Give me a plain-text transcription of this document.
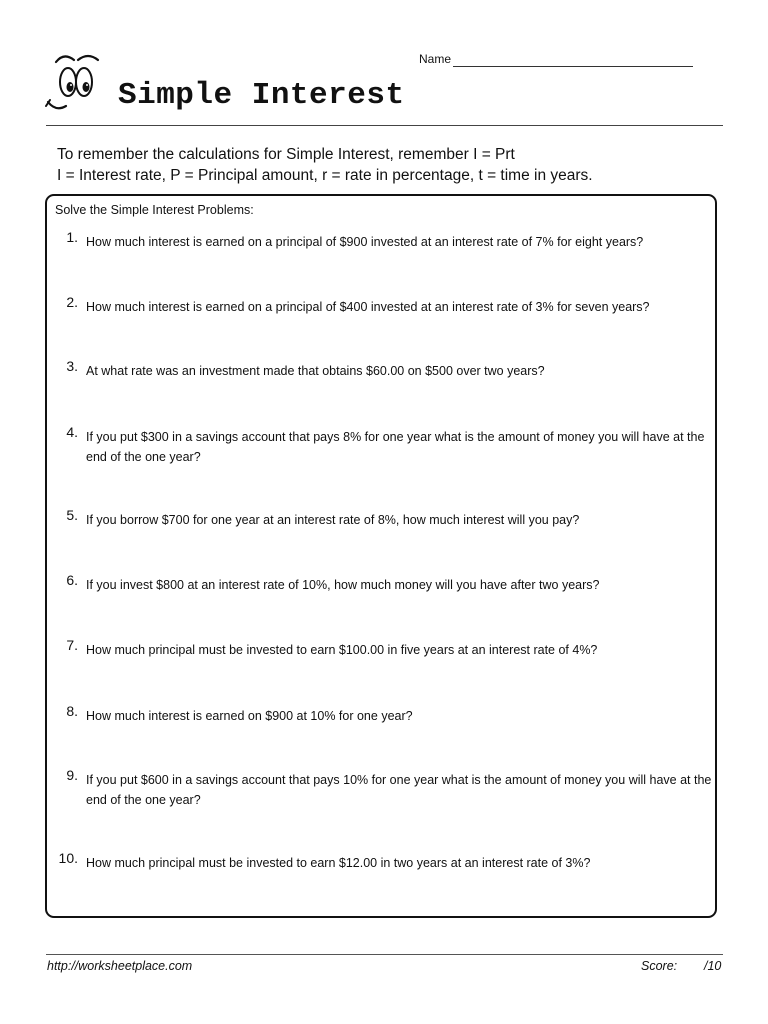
Name
Simple Interest
To remember the calculations for Simple Interest, remember I = Prt
I = Interest rate, P = Principal amount, r = rate in percentage, t = time in years.
Solve the Simple Interest Problems:
1. How much interest is earned on a principal of $900 invested at an interest rate of 7% for eight years?
2. How much interest is earned on a principal of $400 invested at an interest rate of 3% for seven years?
3. At what rate was an investment made that obtains $60.00 on $500 over two years?
4. If you put $300 in a savings account that pays 8% for one year what is the amount of money you will have at the end of the one year?
5. If you borrow $700 for one year at an interest rate of 8%, how much interest will you pay?
6. If you invest $800 at an interest rate of 10%, how much money will you have after two years?
7. How much principal must be invested to earn $100.00 in five years at an interest rate of 4%?
8. How much interest is earned on $900 at 10% for one year?
9. If you put $600 in a savings account that pays 10% for one year what is the amount of money you will have at the end of the one year?
10. How much principal must be invested to earn $12.00 in two years at an interest rate of 3%?
http://worksheetplace.com	Score: /10
